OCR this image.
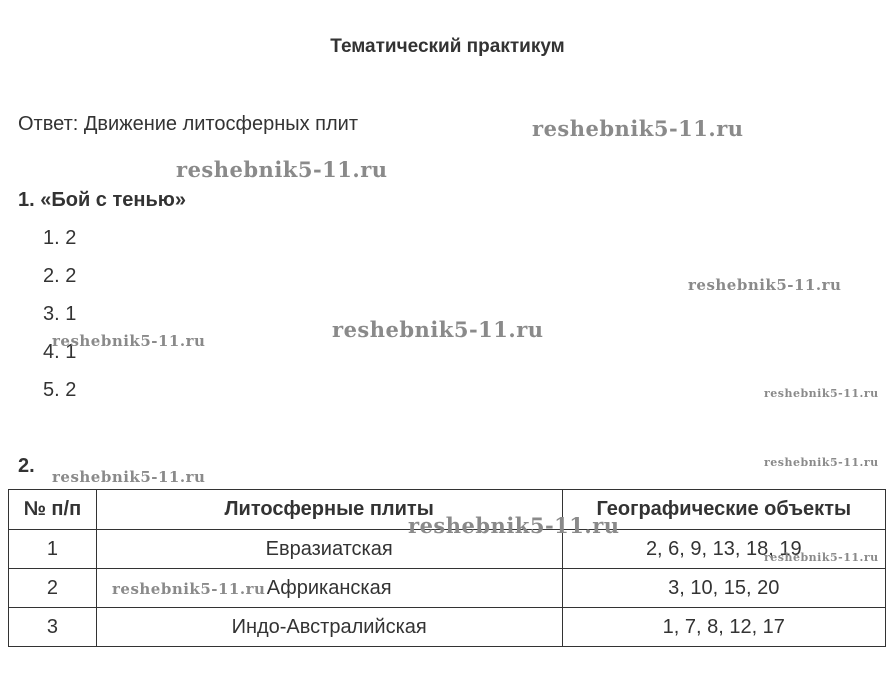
Тематический практикум
Ответ: Движение литосферных плит
1. «Бой с тенью»
1. 2
2. 2
3. 1
4. 1
5. 2
2.
№ п/п	Литосферные плиты	Географические объекты
1	Евразиатская	2, 6, 9, 13, 18, 19
2	Африканская	3, 10, 15, 20
3	Индо-Австралийская	1, 7, 8, 12, 17
reshebnik5-11.ru
reshebnik5-11.ru
reshebnik5-11.ru
reshebnik5-11.ru
reshebnik5-11.ru
reshebnik5-11.ru
reshebnik5-11.ru
reshebnik5-11.ru
reshebnik5-11.ru
reshebnik5-11.ru
reshebnik5-11.ru
